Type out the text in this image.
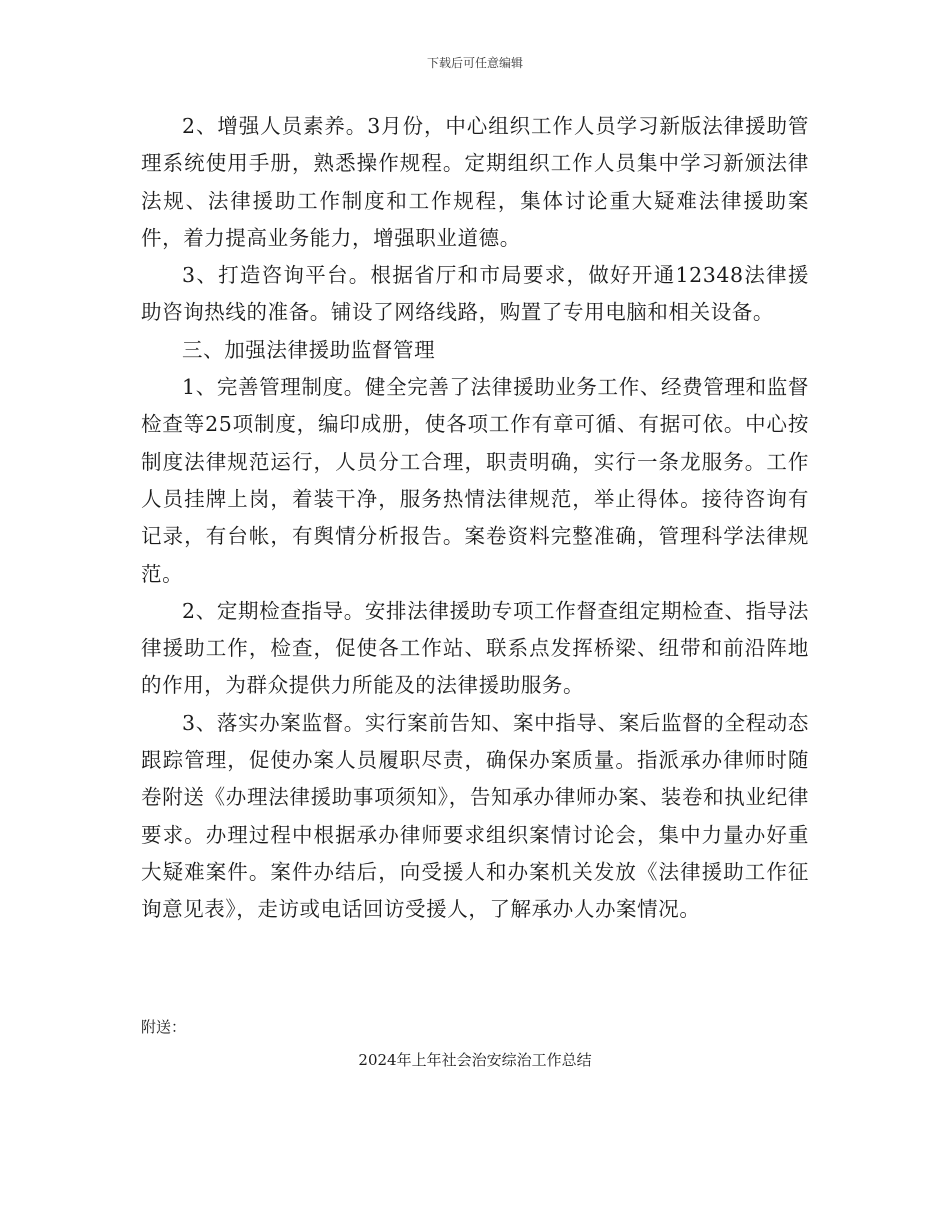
下载后可任意编辑

2、增强人员素养。3月份，中心组织工作人员学习新版法律援助管理系统使用手册，熟悉操作规程。定期组织工作人员集中学习新颁法律法规、法律援助工作制度和工作规程，集体讨论重大疑难法律援助案件，着力提高业务能力，增强职业道德。

3、打造咨询平台。根据省厅和市局要求，做好开通12348法律援助咨询热线的准备。铺设了网络线路，购置了专用电脑和相关设备。

三、加强法律援助监督管理

1、完善管理制度。健全完善了法律援助业务工作、经费管理和监督检查等25项制度，编印成册，使各项工作有章可循、有据可依。中心按制度法律规范运行，人员分工合理，职责明确，实行一条龙服务。工作人员挂牌上岗，着装干净，服务热情法律规范，举止得体。接待咨询有记录，有台帐，有舆情分析报告。案卷资料完整准确，管理科学法律规范。

2、定期检查指导。安排法律援助专项工作督查组定期检查、指导法律援助工作，检查，促使各工作站、联系点发挥桥梁、纽带和前沿阵地的作用，为群众提供力所能及的法律援助服务。

3、落实办案监督。实行案前告知、案中指导、案后监督的全程动态跟踪管理，促使办案人员履职尽责，确保办案质量。指派承办律师时随卷附送《办理法律援助事项须知》，告知承办律师办案、装卷和执业纪律要求。办理过程中根据承办律师要求组织案情讨论会，集中力量办好重大疑难案件。案件办结后，向受援人和办案机关发放《法律援助工作征询意见表》，走访或电话回访受援人，了解承办人办案情况。

附送：
2024年上年社会治安综治工作总结
